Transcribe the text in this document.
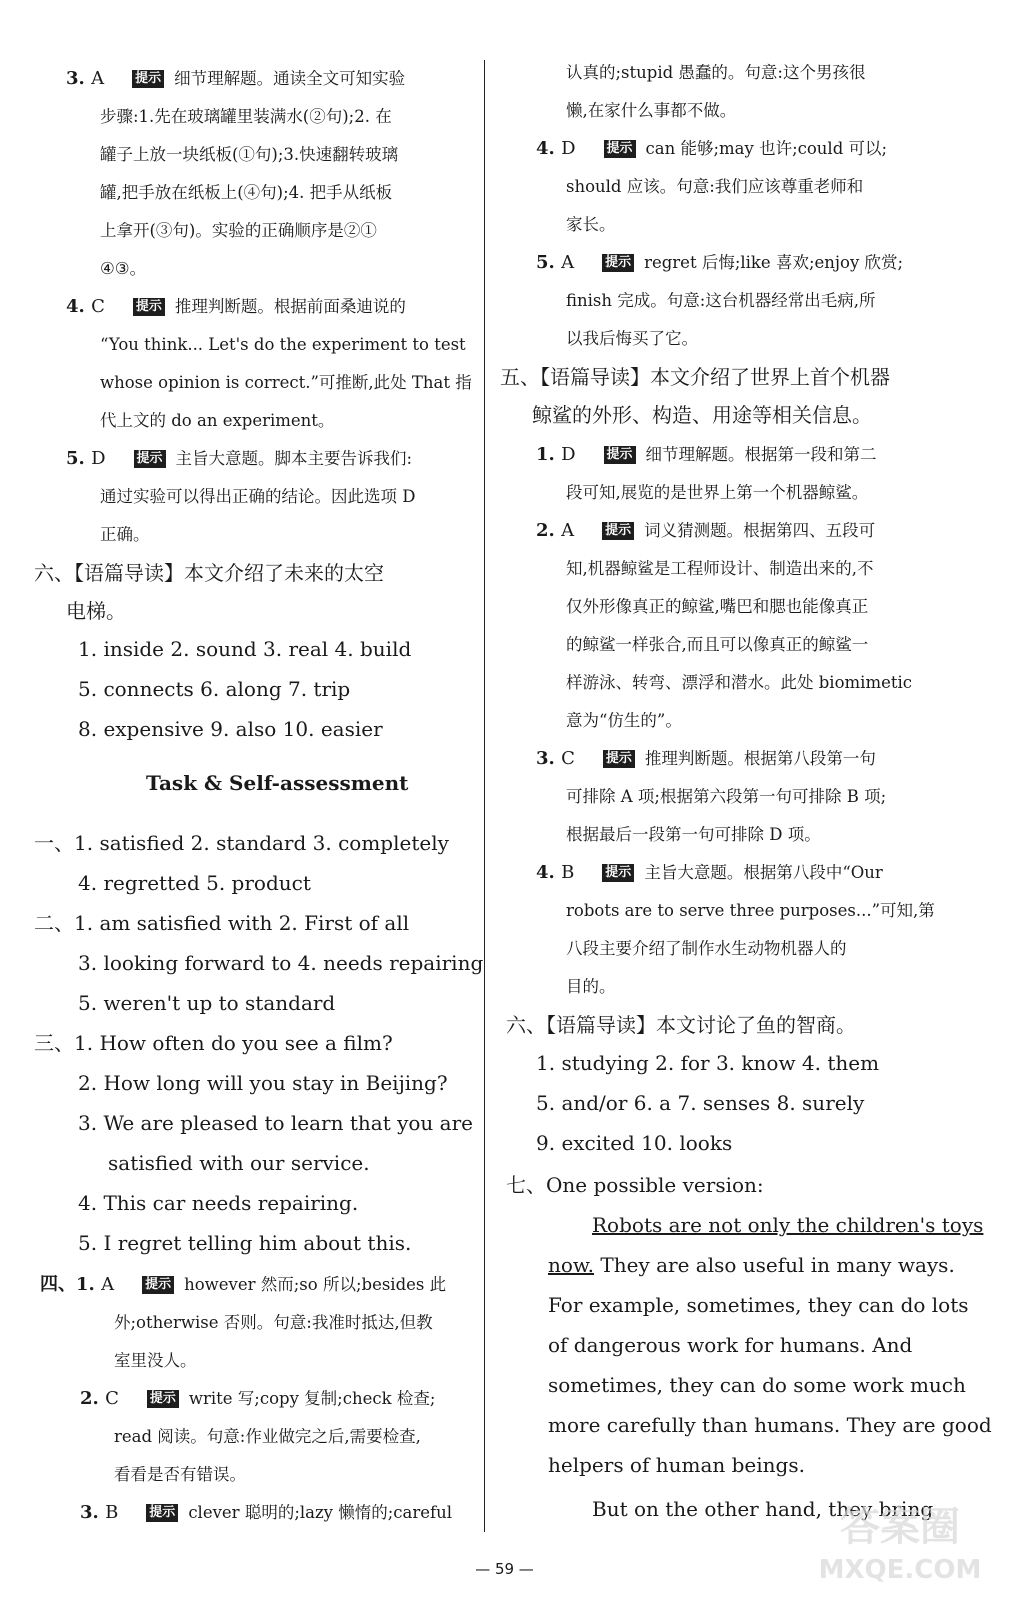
3. A 提示 细节理解题。通读全文可知实验
步骤:1.先在玻璃罐里装满水(②句);2. 在
罐子上放一块纸板(①句);3.快速翻转玻璃
罐,把手放在纸板上(④句);4. 把手从纸板
上拿开(③句)。实验的正确顺序是②①
④③。
4. C 提示 推理判断题。根据前面桑迪说的
“You think... Let's do the experiment to test
whose opinion is correct.”可推断,此处 That 指
代上文的 do an experiment。
5. D 提示 主旨大意题。脚本主要告诉我们:
通过实验可以得出正确的结论。因此选项 D
正确。
六、【语篇导读】本文介绍了未来的太空
电梯。
1. inside 2. sound 3. real 4. build
5. connects 6. along 7. trip
8. expensive 9. also 10. easier
Task & Self-assessment
一、1. satisfied 2. standard 3. completely
4. regretted 5. product
二、1. am satisfied with 2. First of all
3. looking forward to 4. needs repairing
5. weren't up to standard
三、1. How often do you see a film?
2. How long will you stay in Beijing?
3. We are pleased to learn that you are
satisfied with our service.
4. This car needs repairing.
5. I regret telling him about this.
四、1. A 提示 however 然而;so 所以;besides 此
外;otherwise 否则。句意:我准时抵达,但教
室里没人。
2. C 提示 write 写;copy 复制;check 检查;
read 阅读。句意:作业做完之后,需要检查,
看看是否有错误。
3. B 提示 clever 聪明的;lazy 懒惰的;careful
认真的;stupid 愚蠢的。句意:这个男孩很
懒,在家什么事都不做。
4. D 提示 can 能够;may 也许;could 可以;
should 应该。句意:我们应该尊重老师和
家长。
5. A 提示 regret 后悔;like 喜欢;enjoy 欣赏;
finish 完成。句意:这台机器经常出毛病,所
以我后悔买了它。
五、【语篇导读】本文介绍了世界上首个机器
鲸鲨的外形、构造、用途等相关信息。
1. D 提示 细节理解题。根据第一段和第二
段可知,展览的是世界上第一个机器鲸鲨。
2. A 提示 词义猜测题。根据第四、五段可
知,机器鲸鲨是工程师设计、制造出来的,不
仅外形像真正的鲸鲨,嘴巴和腮也能像真正
的鲸鲨一样张合,而且可以像真正的鲸鲨一
样游泳、转弯、漂浮和潜水。此处 biomimetic
意为“仿生的”。
3. C 提示 推理判断题。根据第八段第一句
可排除 A 项;根据第六段第一句可排除 B 项;
根据最后一段第一句可排除 D 项。
4. B 提示 主旨大意题。根据第八段中“Our
robots are to serve three purposes...”可知,第
八段主要介绍了制作水生动物机器人的
目的。
六、【语篇导读】本文讨论了鱼的智商。
1. studying 2. for 3. know 4. them
5. and/or 6. a 7. senses 8. surely
9. excited 10. looks
七、One possible version:
Robots are not only the children's toys
now. They are also useful in many ways.
For example, sometimes, they can do lots
of dangerous work for humans. And
sometimes, they can do some work much
more carefully than humans. They are good
helpers of human beings.
But on the other hand, they bring
— 59 —
答案圈
MXQE.COM
